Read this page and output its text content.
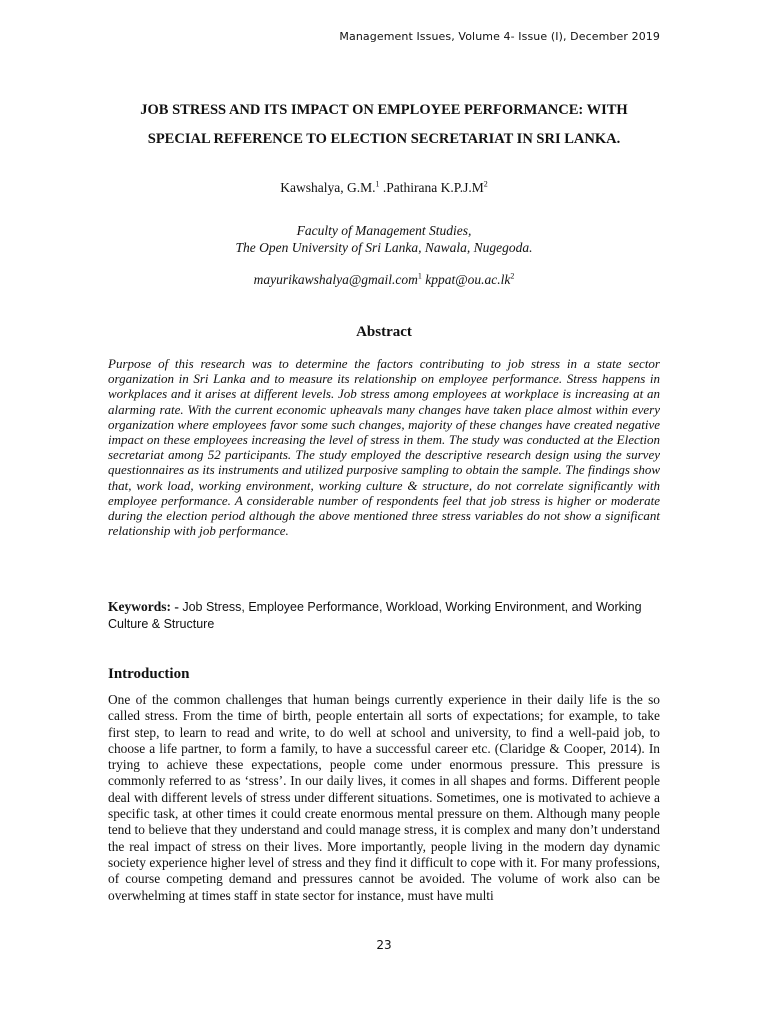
Management Issues, Volume 4- Issue (I), December 2019
JOB STRESS AND ITS IMPACT ON EMPLOYEE PERFORMANCE: WITH
SPECIAL REFERENCE TO ELECTION SECRETARIAT IN SRI LANKA.
Kawshalya, G.M.$^1$ .Pathirana $K.P.J.M^2$
Faculty of Management Studies,
The Open University of Sri Lanka, Nawala, Nugegoda.
mayurikawshalya@gmail.com$^1$ $kppat@ou.ac.lk^2$
Abstract

Purpose of this research was to determine the factors contributing to job stress in a state sector organization in Sri Lanka and to measure its relationship on employee performance. Stress happens in workplaces and it arises at different levels. Job stress among employees at workplace is increasing at an alarming rate. With the current economic upheavals many changes have taken place almost within every organization where employees favor some such changes, majority of these changes have created negative impact on these employees increasing the level of stress in them. The study was conducted at the Election secretariat among 52 participants. The study employed the descriptive research design using the survey questionnaires as its instruments and utilized purposive sampling to obtain the sample. The findings show that, work load, working environment, working culture & structure, do not correlate significantly with employee performance. A considerable number of respondents feel that job stress is higher or moderate during the election period although the above mentioned three stress variables do not show a significant relationship with job performance.

Keywords: - Job Stress, Employee Performance, Workload, Working Environment, and Working Culture & Structure

Introduction

One of the common challenges that human beings currently experience in their daily life is the so called stress. From the time of birth, people entertain all sorts of expectations; for example, to take first step, to learn to read and write, to do well at school and university, to find a well-paid job, to choose a life partner, to form a family, to have a successful career etc. (Claridge & Cooper, 2014). In trying to achieve these expectations, people come under enormous pressure. This pressure is commonly referred to as ‘stress’. In our daily lives, it comes in all shapes and forms. Different people deal with different levels of stress under different situations. Sometimes, one is motivated to achieve a specific task, at other times it could create enormous mental pressure on them. Although many people tend to believe that they understand and could manage stress, it is complex and many don’t understand the real impact of stress on their lives. More importantly, people living in the modern day dynamic society experience higher level of stress and they find it difficult to cope with it. For many professions, of course competing demand and pressures cannot be avoided. The volume of work also can be overwhelming at times staff in state sector for instance, must have multi

23
